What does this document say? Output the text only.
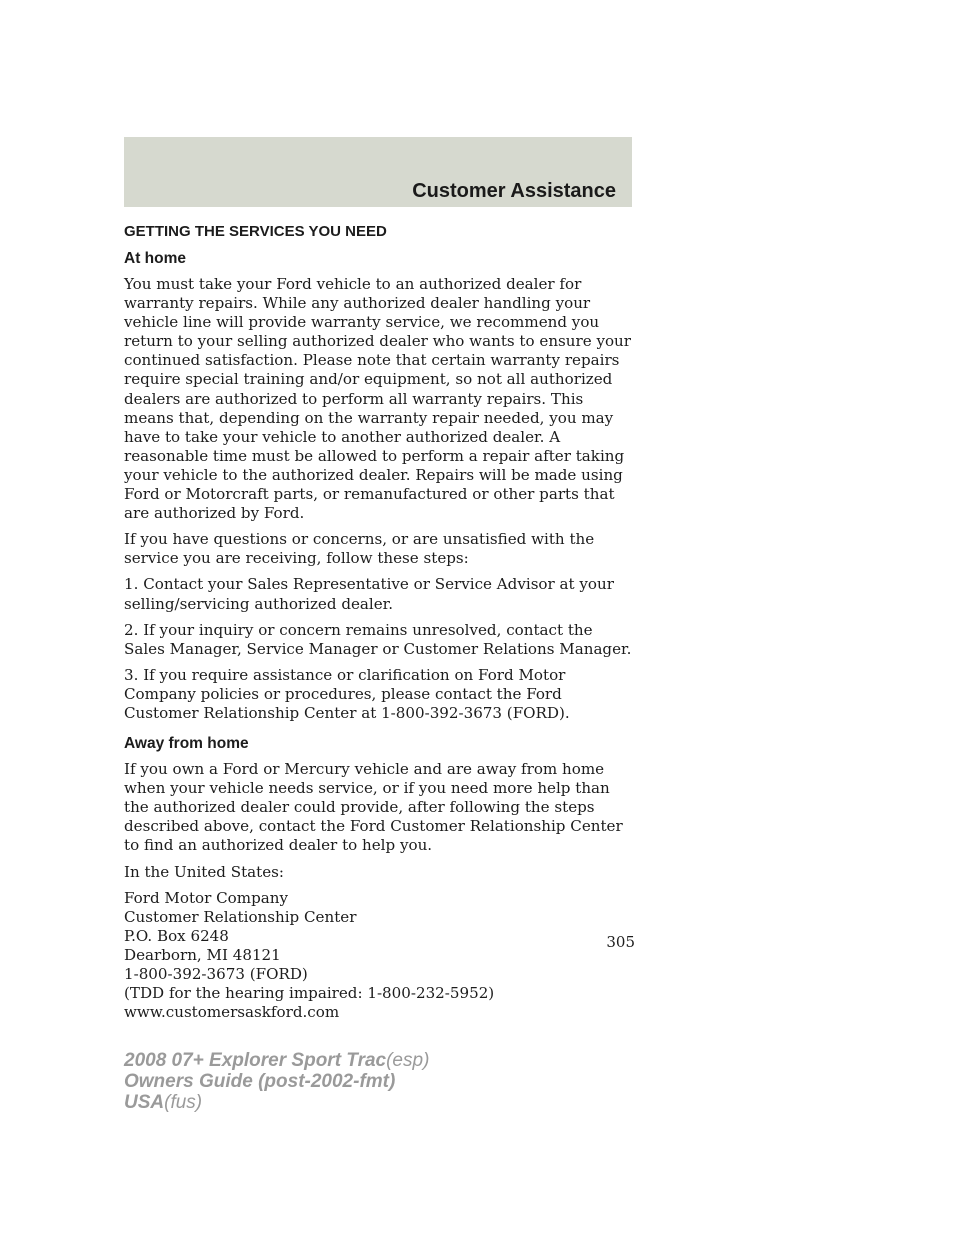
Customer Assistance
GETTING THE SERVICES YOU NEED
At home

You must take your Ford vehicle to an authorized dealer for warranty repairs. While any authorized dealer handling your vehicle line will provide warranty service, we recommend you return to your selling authorized dealer who wants to ensure your continued satisfaction. Please note that certain warranty repairs require special training and/or equipment, so not all authorized dealers are authorized to perform all warranty repairs. This means that, depending on the warranty repair needed, you may have to take your vehicle to another authorized dealer. A reasonable time must be allowed to perform a repair after taking your vehicle to the authorized dealer. Repairs will be made using Ford or Motorcraft parts, or remanufactured or other parts that are authorized by Ford.

If you have questions or concerns, or are unsatisfied with the service you are receiving, follow these steps:

1. Contact your Sales Representative or Service Advisor at your selling/servicing authorized dealer.

2. If your inquiry or concern remains unresolved, contact the Sales Manager, Service Manager or Customer Relations Manager.

3. If you require assistance or clarification on Ford Motor Company policies or procedures, please contact the Ford Customer Relationship Center at 1-800-392-3673 (FORD).

Away from home

If you own a Ford or Mercury vehicle and are away from home when your vehicle needs service, or if you need more help than the authorized dealer could provide, after following the steps described above, contact the Ford Customer Relationship Center to find an authorized dealer to help you.

In the United States:

Ford Motor Company
Customer Relationship Center
P.O. Box 6248
Dearborn, MI 48121
1-800-392-3673 (FORD)
(TDD for the hearing impaired: 1-800-232-5952)
www.customersaskford.com
305
2008 07+ Explorer Sport Trac(esp)
Owners Guide (post-2002-fmt)
USA(fus)
